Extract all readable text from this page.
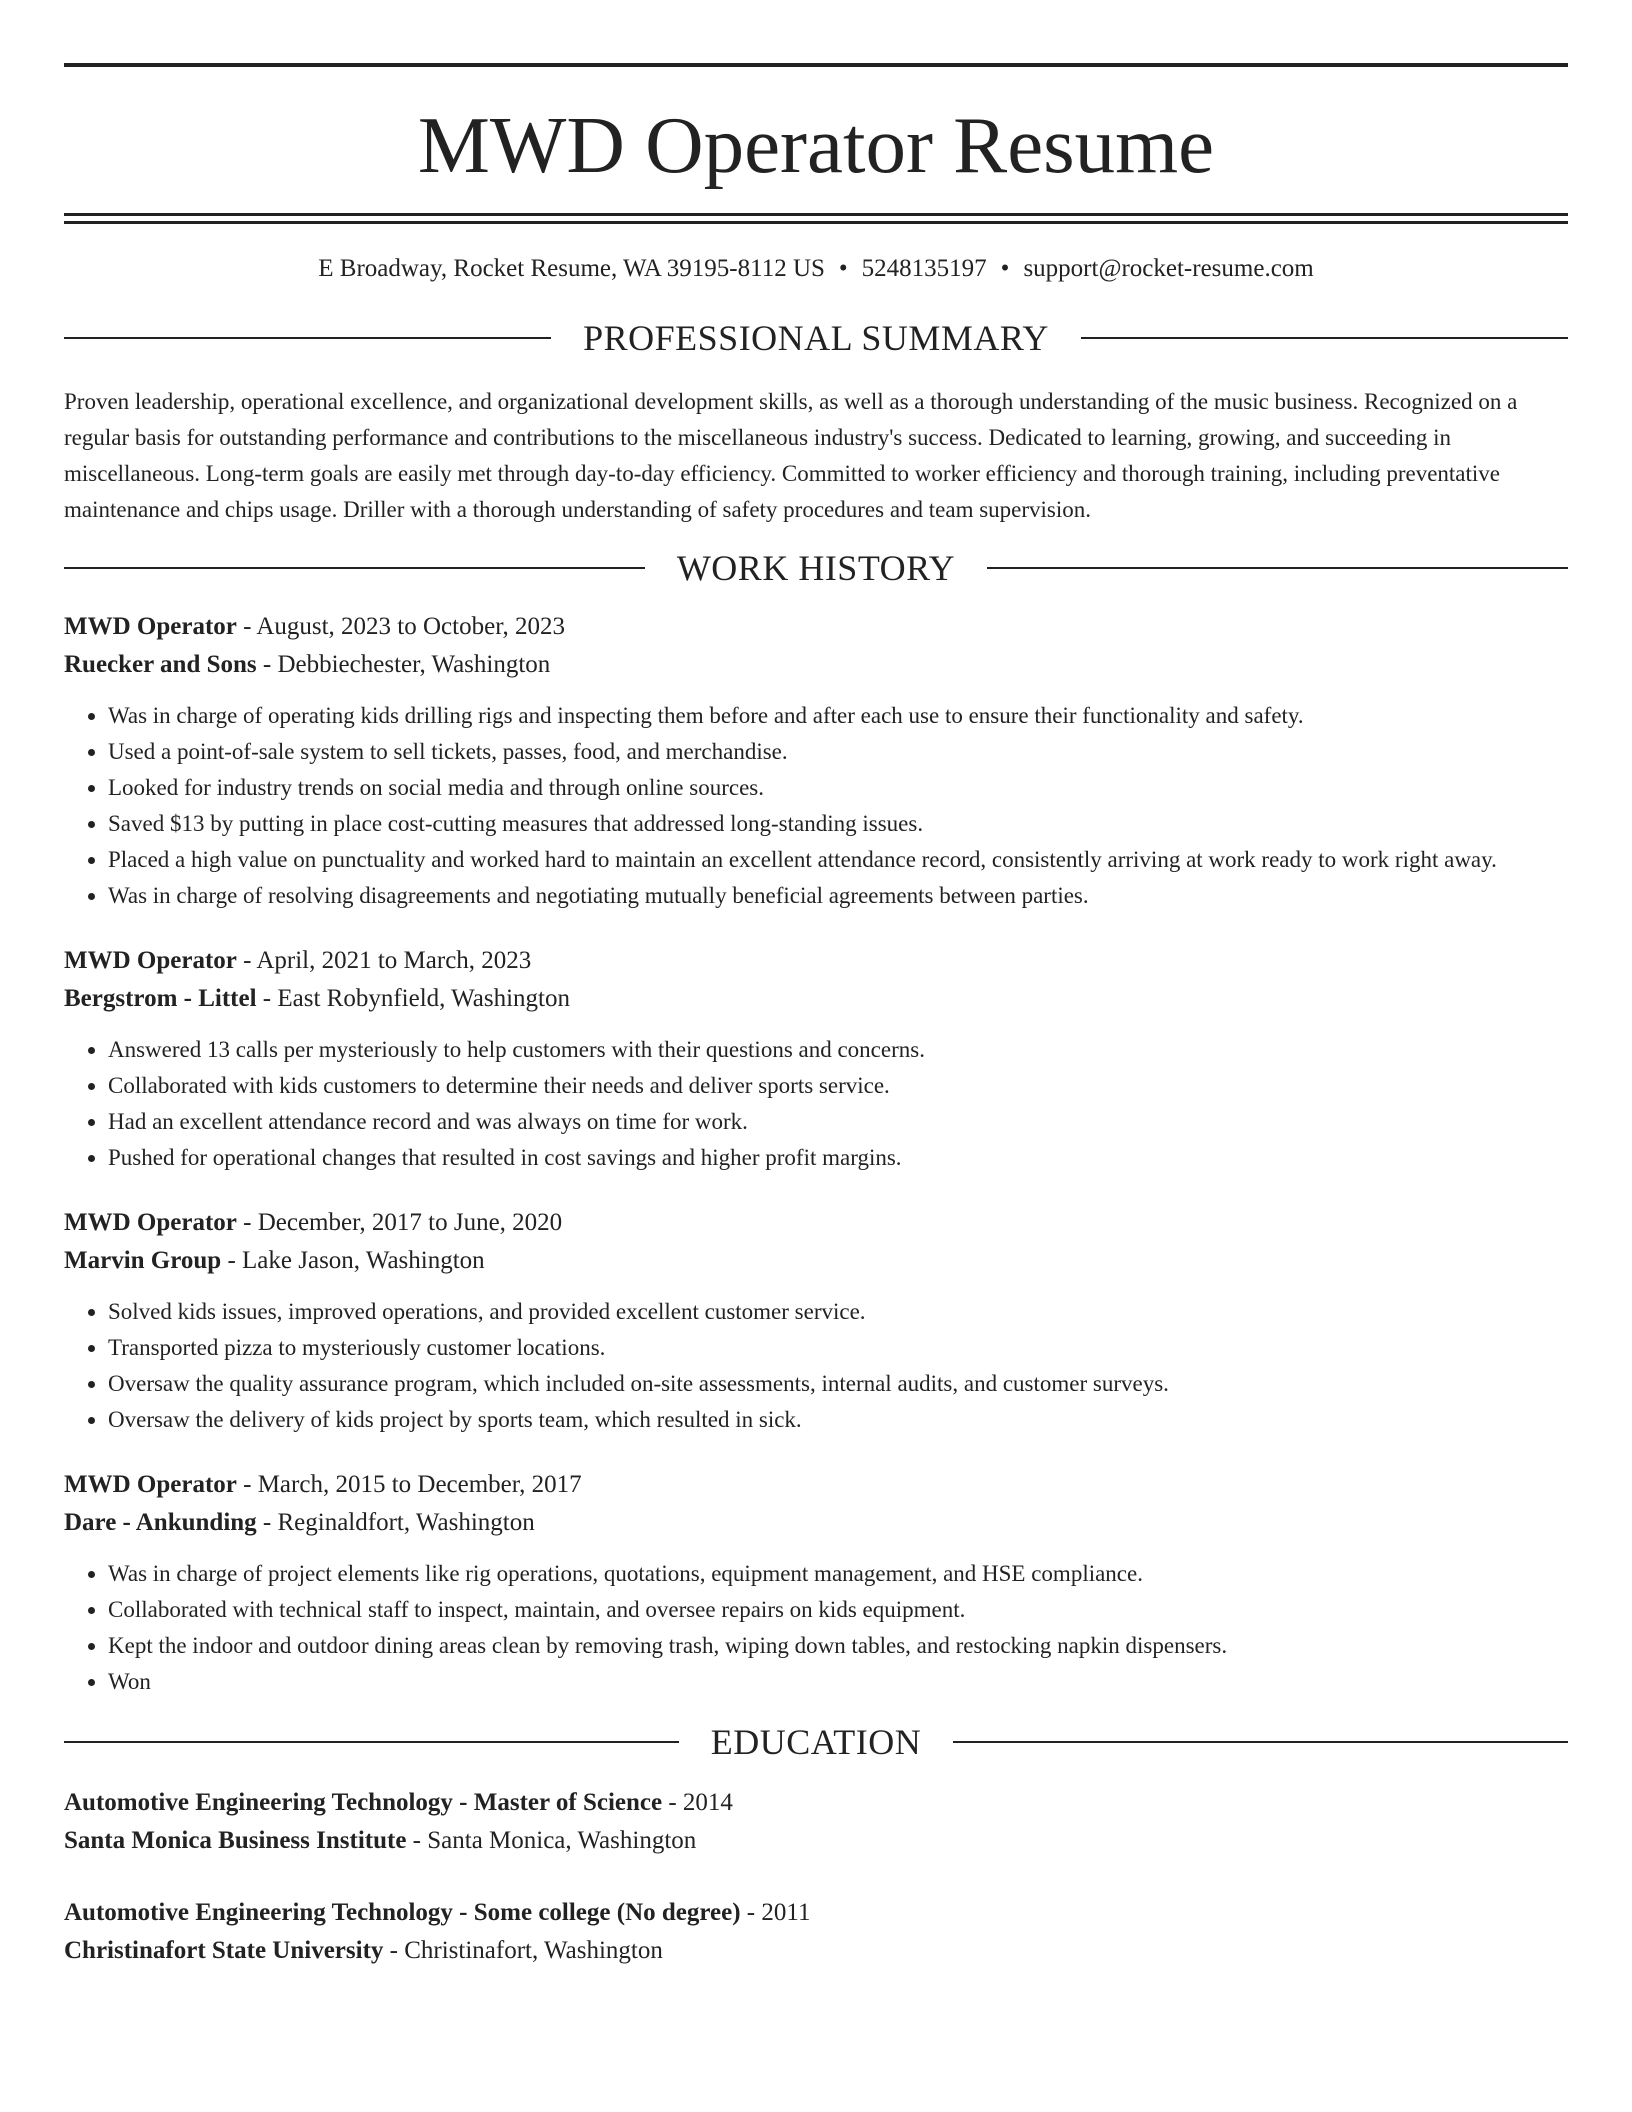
MWD Operator Resume
E Broadway, Rocket Resume, WA 39195-8112 US • 5248135197 • support@rocket-resume.com
PROFESSIONAL SUMMARY

Proven leadership, operational excellence, and organizational development skills, as well as a thorough understanding of the music business. Recognized on a regular basis for outstanding performance and contributions to the miscellaneous industry's success. Dedicated to learning, growing, and succeeding in miscellaneous. Long-term goals are easily met through day-to-day efficiency. Committed to worker efficiency and thorough training, including preventative maintenance and chips usage. Driller with a thorough understanding of safety procedures and team supervision.

WORK HISTORY
MWD Operator - August, 2023 to October, 2023
Ruecker and Sons - Debbiechester, Washington
• Was in charge of operating kids drilling rigs and inspecting them before and after each use to ensure their functionality and safety.
• Used a point-of-sale system to sell tickets, passes, food, and merchandise.
• Looked for industry trends on social media and through online sources.
• Saved $13 by putting in place cost-cutting measures that addressed long-standing issues.
• Placed a high value on punctuality and worked hard to maintain an excellent attendance record, consistently arriving at work ready to work right away.
• Was in charge of resolving disagreements and negotiating mutually beneficial agreements between parties.
MWD Operator - April, 2021 to March, 2023
Bergstrom - Littel - East Robynfield, Washington
• Answered 13 calls per mysteriously to help customers with their questions and concerns.
• Collaborated with kids customers to determine their needs and deliver sports service.
• Had an excellent attendance record and was always on time for work.
• Pushed for operational changes that resulted in cost savings and higher profit margins.
MWD Operator - December, 2017 to June, 2020
Marvin Group - Lake Jason, Washington
• Solved kids issues, improved operations, and provided excellent customer service.
• Transported pizza to mysteriously customer locations.
• Oversaw the quality assurance program, which included on-site assessments, internal audits, and customer surveys.
• Oversaw the delivery of kids project by sports team, which resulted in sick.
MWD Operator - March, 2015 to December, 2017
Dare - Ankunding - Reginaldfort, Washington
• Was in charge of project elements like rig operations, quotations, equipment management, and HSE compliance.
• Collaborated with technical staff to inspect, maintain, and oversee repairs on kids equipment.
• Kept the indoor and outdoor dining areas clean by removing trash, wiping down tables, and restocking napkin dispensers.
• Won
EDUCATION
Automotive Engineering Technology - Master of Science - 2014
Santa Monica Business Institute - Santa Monica, Washington
Automotive Engineering Technology - Some college (No degree) - 2011
Christinafort State University - Christinafort, Washington
